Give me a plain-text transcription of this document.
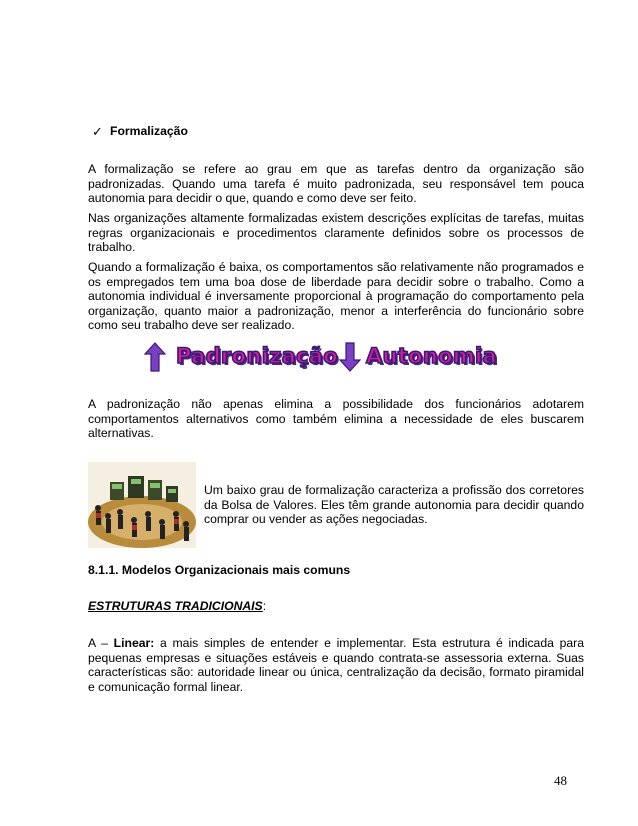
✓ Formalização

A formalização se refere ao grau em que as tarefas dentro da organização são padronizadas. Quando uma tarefa é muito padronizada, seu responsável tem pouca autonomia para decidir o que, quando e como deve ser feito.

Nas organizações altamente formalizadas existem descrições explícitas de tarefas, muitas regras organizacionais e procedimentos claramente definidos sobre os processos de trabalho.

Quando a formalização é baixa, os comportamentos são relativamente não programados e os empregados tem uma boa dose de liberdade para decidir sobre o trabalho. Como a autonomia individual é inversamente proporcional à programação do comportamento pela organização, quanto maior a padronização, menor a interferência do funcionário sobre como seu trabalho deve ser realizado.

Padronização Autonomia

A padronização não apenas elimina a possibilidade dos funcionários adotarem comportamentos alternativos como também elimina a necessidade de eles buscarem alternativas.

Um baixo grau de formalização caracteriza a profissão dos corretores da Bolsa de Valores. Eles têm grande autonomia para decidir quando comprar ou vender as ações negociadas.

8.1.1. Modelos Organizacionais mais comuns
ESTRUTURAS TRADICIONAIS:

A – Linear: a mais simples de entender e implementar. Esta estrutura é indicada para pequenas empresas e situações estáveis e quando contrata-se assessoria externa. Suas características são: autoridade linear ou única, centralização da decisão, formato piramidal e comunicação formal linear.

48
